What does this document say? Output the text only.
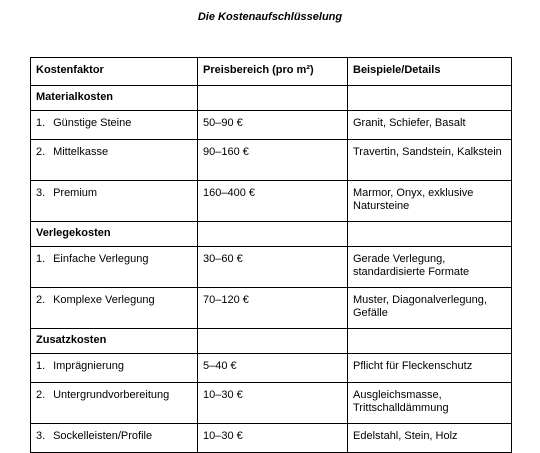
Die Kostenaufschlüsselung
Kostenfaktor	Preisbereich (pro m²)	Beispiele/Details
Materialkosten		
1. Günstige Steine	50–90 €	Granit, Schiefer, Basalt
2. Mittelkasse	90–160 €	Travertin, Sandstein, Kalkstein
3. Premium	160–400 €	Marmor, Onyx, exklusive Natursteine
Verlegekosten		
1. Einfache Verlegung	30–60 €	Gerade Verlegung, standardisierte Formate
2. Komplexe Verlegung	70–120 €	Muster, Diagonalverlegung, Gefälle
Zusatzkosten		
1. Imprägnierung	5–40 €	Pflicht für Fleckenschutz
2. Untergrundvorbereitung	10–30 €	Ausgleichsmasse, Trittschalldämmung
3. Sockelleisten/Profile	10–30 €	Edelstahl, Stein, Holz
